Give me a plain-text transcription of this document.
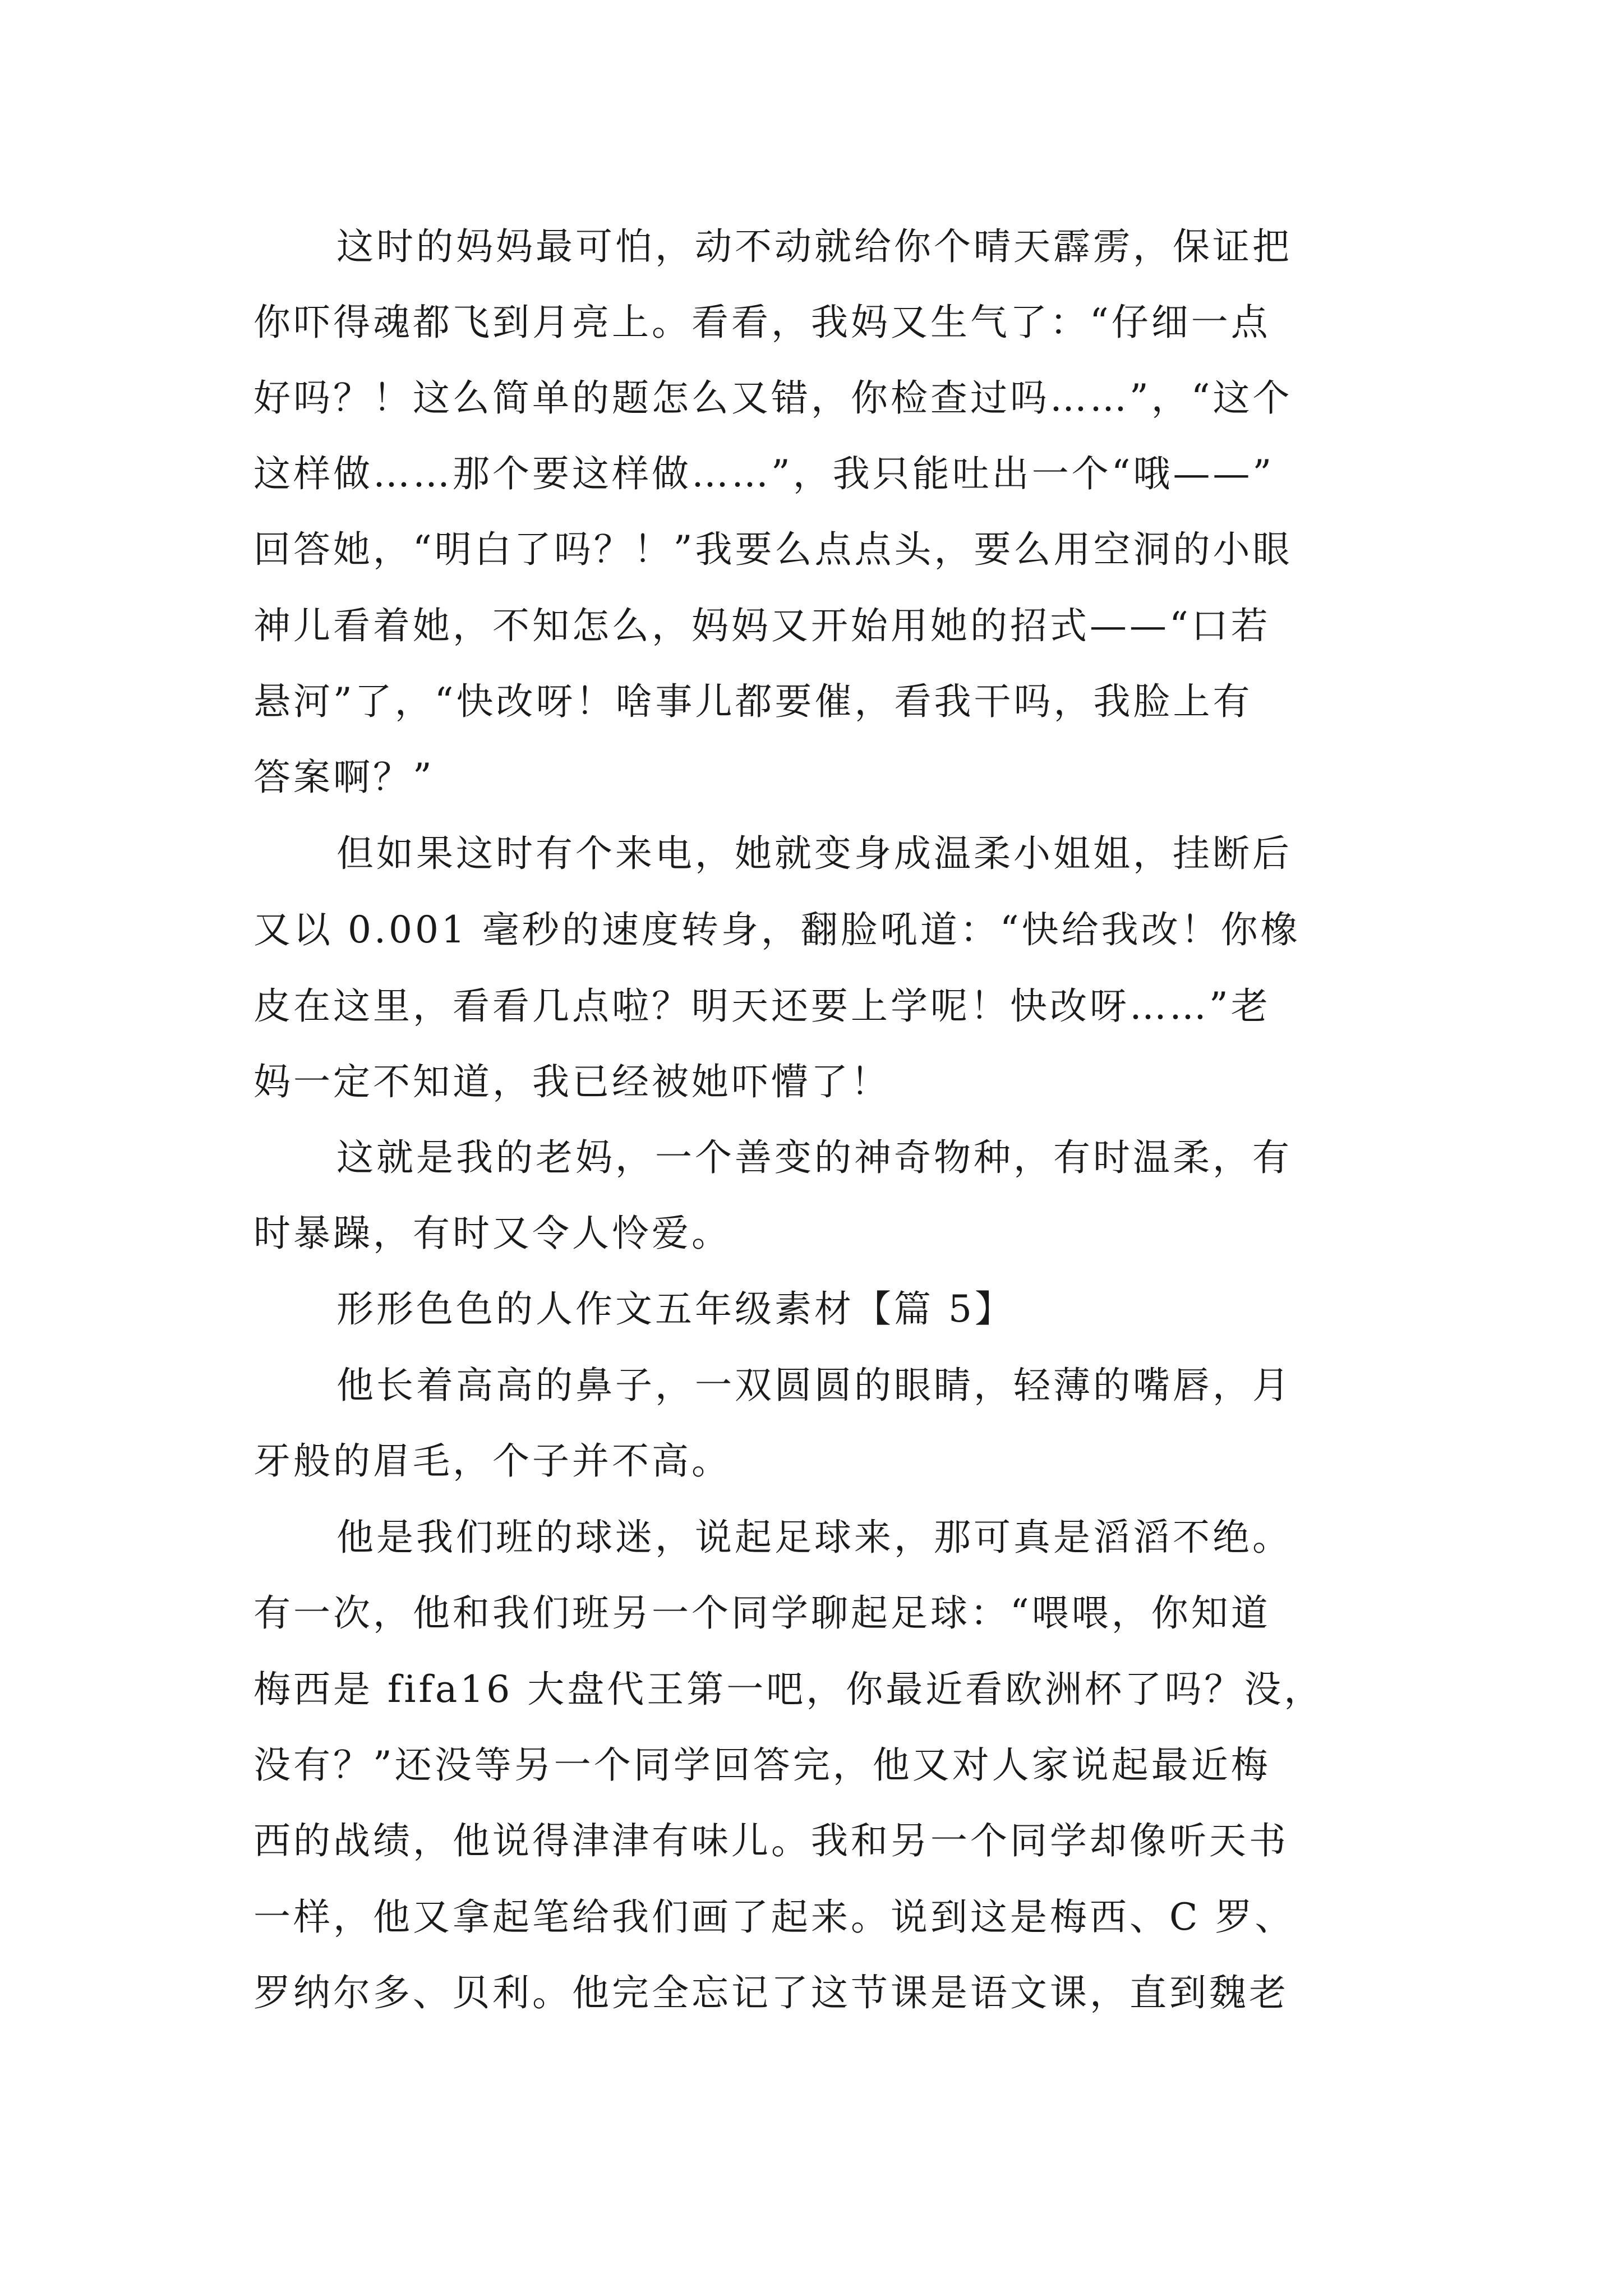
这时的妈妈最可怕，动不动就给你个晴天霹雳，保证把

你吓得魂都飞到月亮上。看看，我妈又生气了：“仔细一点

好吗？！这么简单的题怎么又错，你检查过吗……”，“这个

这样做……那个要这样做……”，我只能吐出一个“哦——”

回答她，“明白了吗？！”我要么点点头，要么用空洞的小眼

神儿看着她，不知怎么，妈妈又开始用她的招式——“口若

悬河”了，“快改呀！啥事儿都要催，看我干吗，我脸上有

答案啊？”

但如果这时有个来电，她就变身成温柔小姐姐，挂断后

又以 0.001 毫秒的速度转身，翻脸吼道：“快给我改！你橡

皮在这里，看看几点啦？明天还要上学呢！快改呀……”老

妈一定不知道，我已经被她吓懵了！

这就是我的老妈，一个善变的神奇物种，有时温柔，有

时暴躁，有时又令人怜爱。

形形色色的人作文五年级素材【篇 5】

他长着高高的鼻子，一双圆圆的眼睛，轻薄的嘴唇，月

牙般的眉毛，个子并不高。

他是我们班的球迷，说起足球来，那可真是滔滔不绝。

有一次，他和我们班另一个同学聊起足球：“喂喂，你知道

梅西是 fifa16 大盘代王第一吧，你最近看欧洲杯了吗？没，

没有？”还没等另一个同学回答完，他又对人家说起最近梅

西的战绩，他说得津津有味儿。我和另一个同学却像听天书

一样，他又拿起笔给我们画了起来。说到这是梅西、C 罗、

罗纳尔多、贝利。他完全忘记了这节课是语文课，直到魏老
